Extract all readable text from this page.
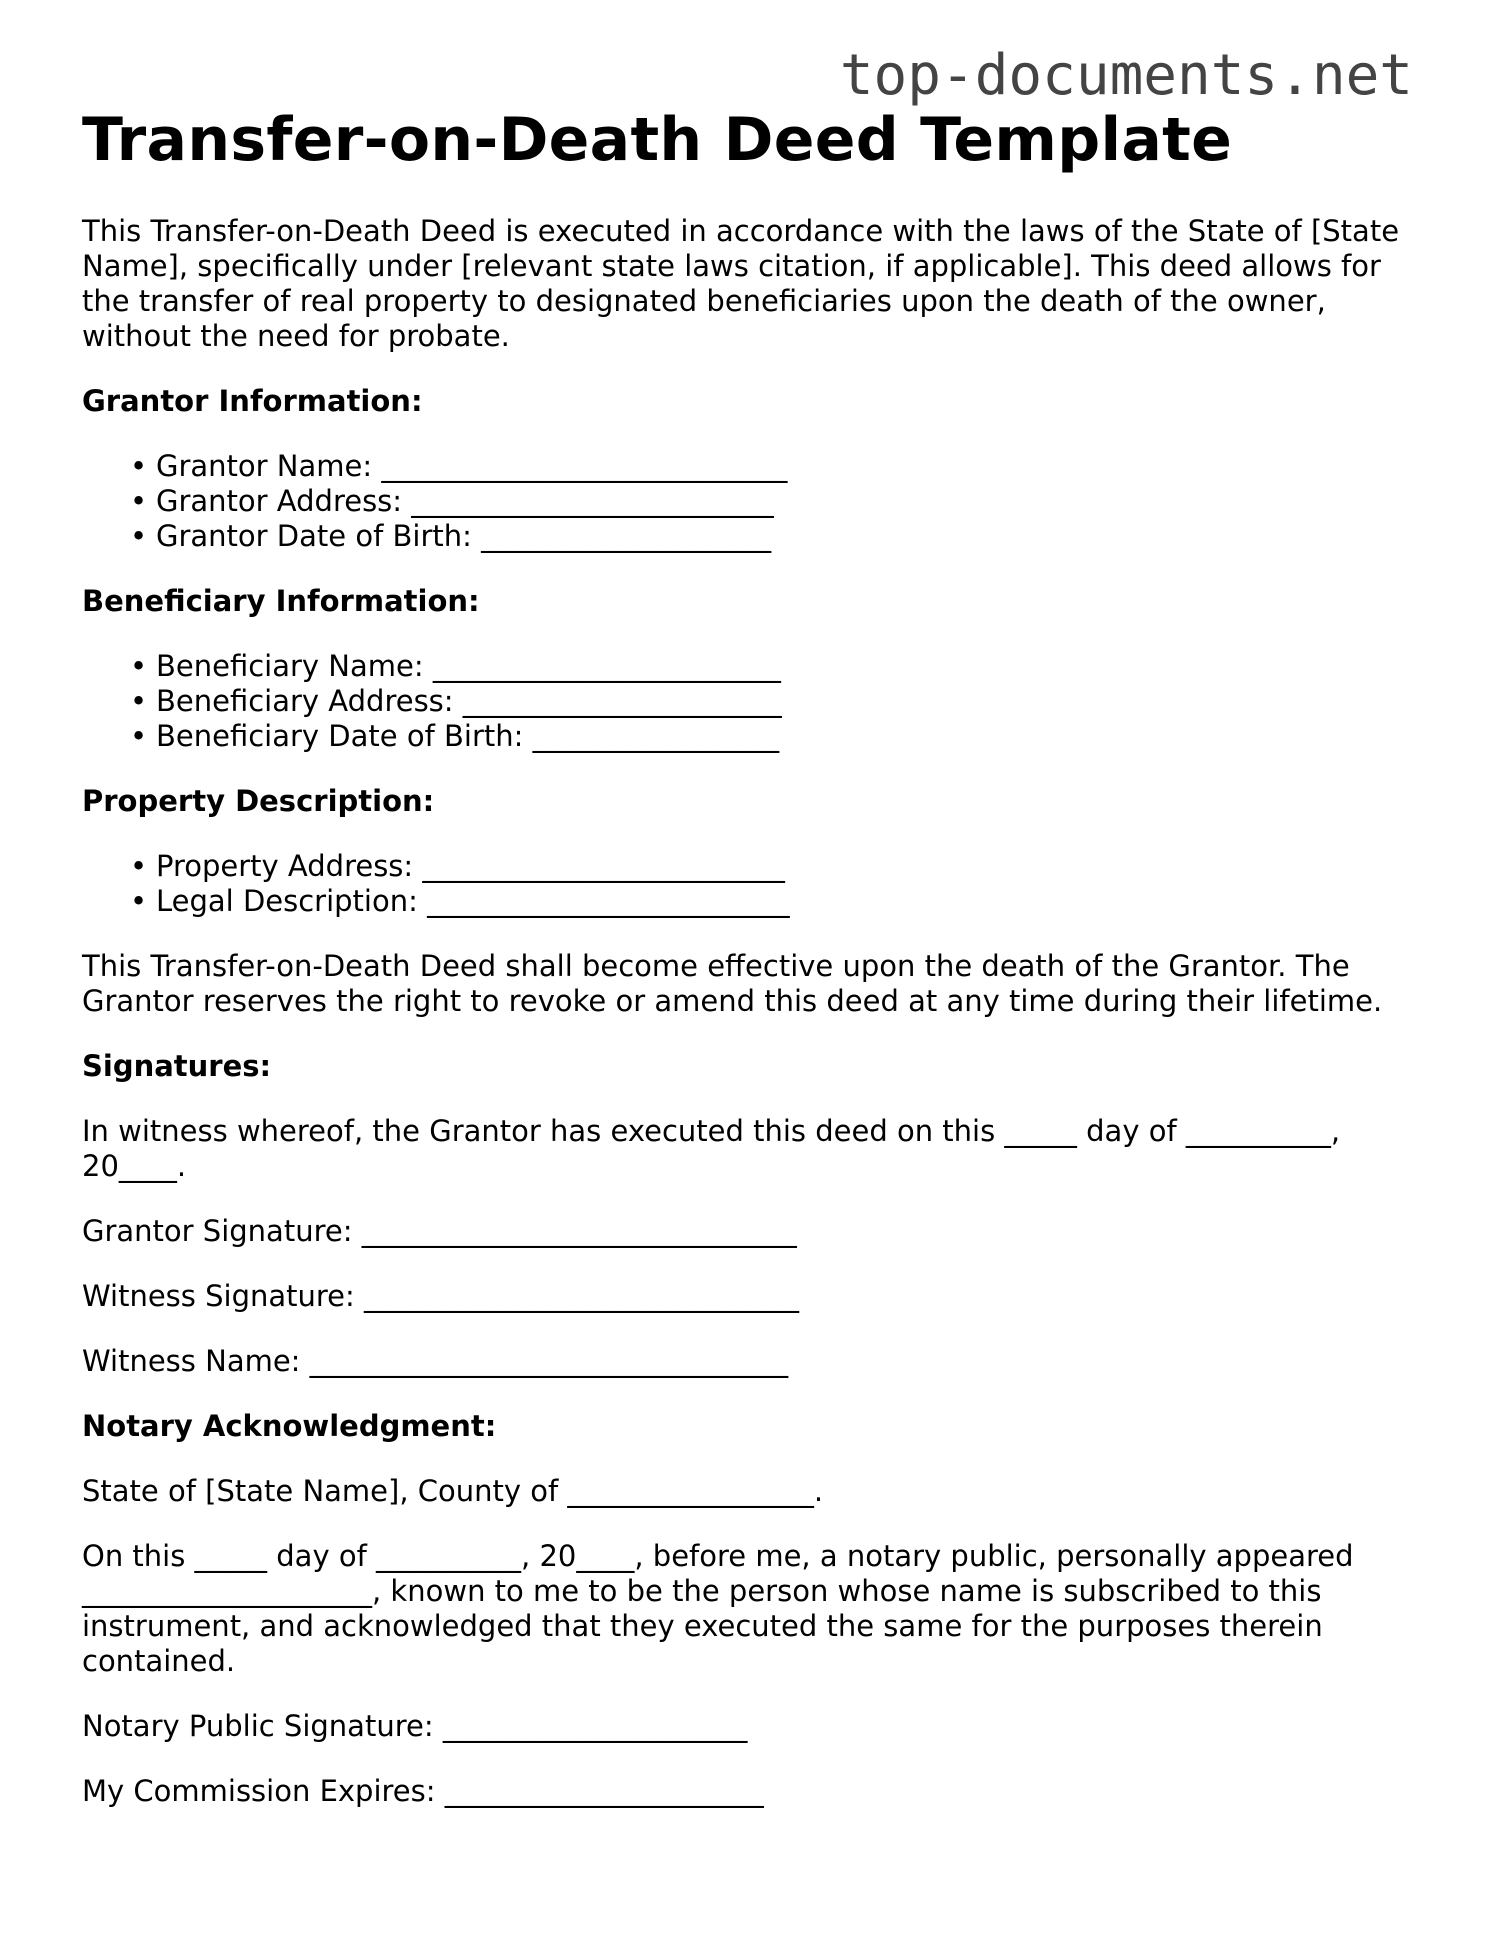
top-documents.net
Transfer-on-Death Deed Template

This Transfer-on-Death Deed is executed in accordance with the laws of the State of [State Name], specifically under [relevant state laws citation, if applicable]. This deed allows for the transfer of real property to designated beneficiaries upon the death of the owner, without the need for probate.

Grantor Information:
• Grantor Name: ____________________________
• Grantor Address: _________________________
• Grantor Date of Birth: ____________________
Beneficiary Information:
• Beneficiary Name: ________________________
• Beneficiary Address: ______________________
• Beneficiary Date of Birth: _________________
Property Description:
• Property Address: _________________________
• Legal Description: _________________________

This Transfer-on-Death Deed shall become effective upon the death of the Grantor. The Grantor reserves the right to revoke or amend this deed at any time during their lifetime.

Signatures:

In witness whereof, the Grantor has executed this deed on this _____ day of __________, 20____.

Grantor Signature: ______________________________

Witness Signature: ______________________________

Witness Name: _________________________________

Notary Acknowledgment:

State of [State Name], County of _________________.

On this _____ day of __________, 20____, before me, a notary public, personally appeared ____________________, known to me to be the person whose name is subscribed to this instrument, and acknowledged that they executed the same for the purposes therein contained.

Notary Public Signature: _____________________

My Commission Expires: ______________________
